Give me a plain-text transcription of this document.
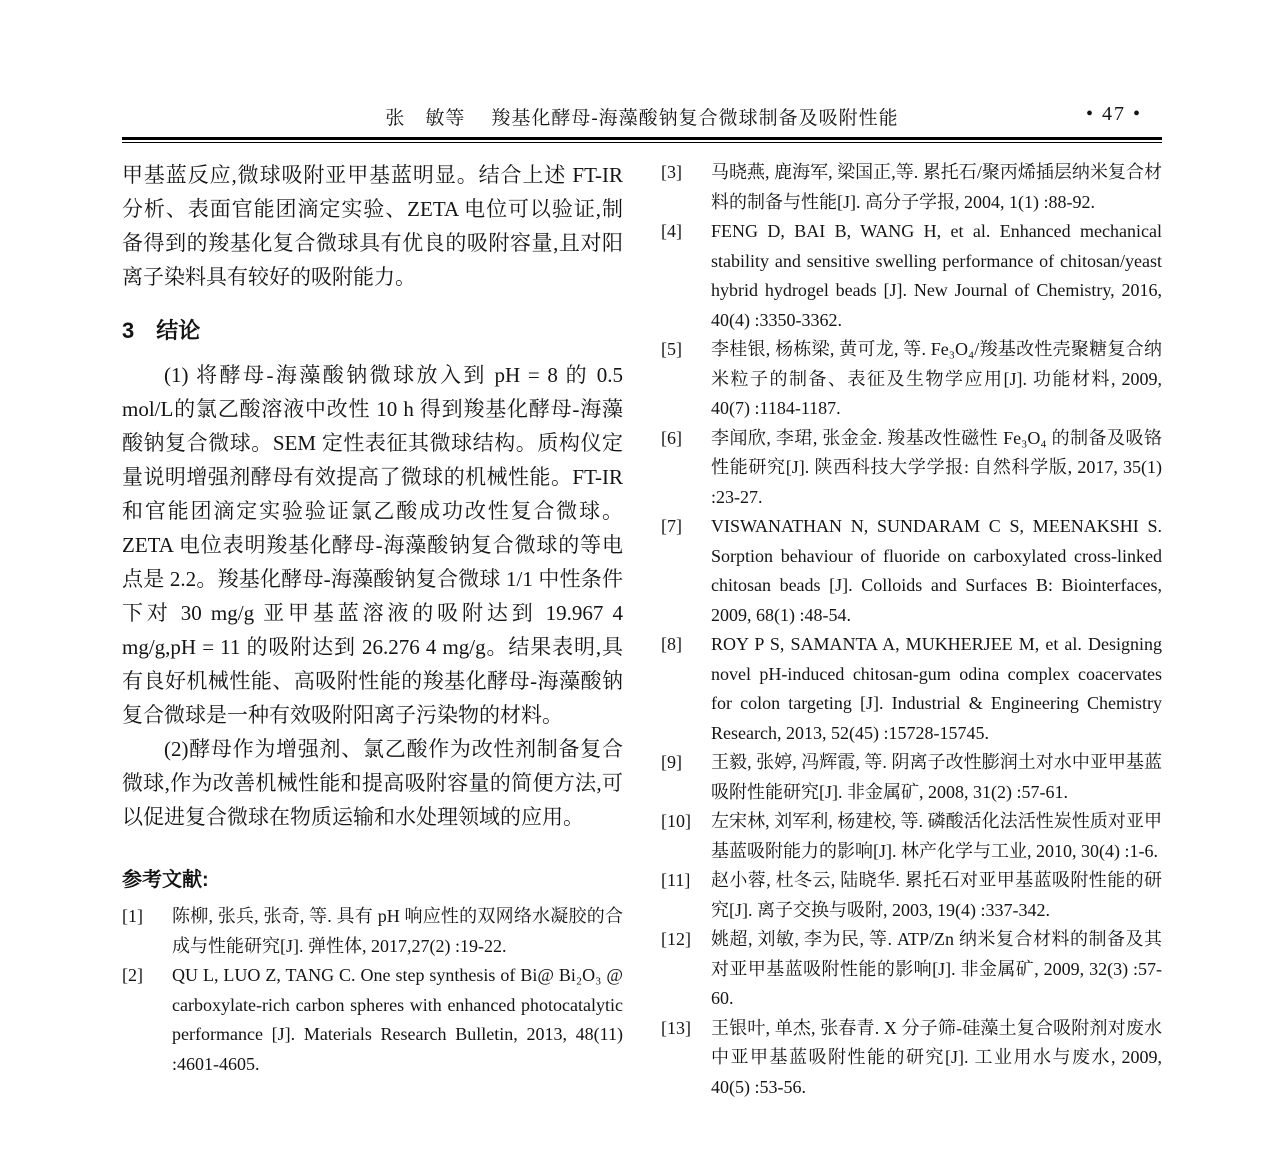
张　敏等 羧基化酵母-海藻酸钠复合微球制备及吸附性能	• 47 •

甲基蓝反应,微球吸附亚甲基蓝明显。结合上述 FT-IR 分析、表面官能团滴定实验、ZETA 电位可以验证,制备得到的羧基化复合微球具有优良的吸附容量,且对阳离子染料具有较好的吸附能力。

3 结论

(1) 将酵母-海藻酸钠微球放入到 pH = 8 的 0.5 mol/L的氯乙酸溶液中改性 10 h 得到羧基化酵母-海藻酸钠复合微球。SEM 定性表征其微球结构。质构仪定量说明增强剂酵母有效提高了微球的机械性能。FT-IR 和官能团滴定实验验证氯乙酸成功改性复合微球。ZETA 电位表明羧基化酵母-海藻酸钠复合微球的等电点是 2.2。羧基化酵母-海藻酸钠复合微球 1/1 中性条件下对 30 mg/g 亚甲基蓝溶液的吸附达到 19.967 4 mg/g,pH = 11 的吸附达到 26.276 4 mg/g。结果表明,具有良好机械性能、高吸附性能的羧基化酵母-海藻酸钠复合微球是一种有效吸附阳离子污染物的材料。

(2)酵母作为增强剂、氯乙酸作为改性剂制备复合微球,作为改善机械性能和提高吸附容量的简便方法,可以促进复合微球在物质运输和水处理领域的应用。

参考文献:
[1]	陈柳, 张兵, 张奇, 等. 具有 pH 响应性的双网络水凝胶的合成与性能研究[J]. 弹性体, 2017,27(2) :19-22.
[2]	QU L, LUO Z, TANG C. One step synthesis of Bi@ Bi₂O₃ @ carboxylate-rich carbon spheres with enhanced photocatalytic performance [J]. Materials Research Bulletin, 2013, 48(11) :4601-4605.
[3]	马晓燕, 鹿海军, 梁国正,等. 累托石/聚丙烯插层纳米复合材料的制备与性能[J]. 高分子学报, 2004, 1(1) :88-92.
[4]	FENG D, BAI B, WANG H, et al. Enhanced mechanical stability and sensitive swelling performance of chitosan/yeast hybrid hydrogel beads [J]. New Journal of Chemistry, 2016, 40(4) :3350-3362.
[5]	李桂银, 杨栋梁, 黄可龙, 等. Fe₃O₄/羧基改性壳聚糖复合纳米粒子的制备、表征及生物学应用[J]. 功能材料, 2009, 40(7) :1184-1187.
[6]	李闻欣, 李珺, 张金金. 羧基改性磁性 Fe₃O₄ 的制备及吸铬性能研究[J]. 陕西科技大学学报: 自然科学版, 2017, 35(1) :23-27.
[7]	VISWANATHAN N, SUNDARAM C S, MEENAKSHI S. Sorption behaviour of fluoride on carboxylated cross-linked chitosan beads [J]. Colloids and Surfaces B: Biointerfaces, 2009, 68(1) :48-54.
[8]	ROY P S, SAMANTA A, MUKHERJEE M, et al. Designing novel pH-induced chitosan-gum odina complex coacervates for colon targeting [J]. Industrial & Engineering Chemistry Research, 2013, 52(45) :15728-15745.
[9]	王毅, 张婷, 冯辉霞, 等. 阴离子改性膨润土对水中亚甲基蓝吸附性能研究[J]. 非金属矿, 2008, 31(2) :57-61.
[10]	左宋林, 刘军利, 杨建校, 等. 磷酸活化法活性炭性质对亚甲基蓝吸附能力的影响[J]. 林产化学与工业, 2010, 30(4) :1-6.
[11]	赵小蓉, 杜冬云, 陆晓华. 累托石对亚甲基蓝吸附性能的研究[J]. 离子交换与吸附, 2003, 19(4) :337-342.
[12]	姚超, 刘敏, 李为民, 等. ATP/Zn 纳米复合材料的制备及其对亚甲基蓝吸附性能的影响[J]. 非金属矿, 2009, 32(3) :57-60.
[13]	王银叶, 单杰, 张春青. X 分子筛-硅藻土复合吸附剂对废水中亚甲基蓝吸附性能的研究[J]. 工业用水与废水, 2009, 40(5) :53-56.
